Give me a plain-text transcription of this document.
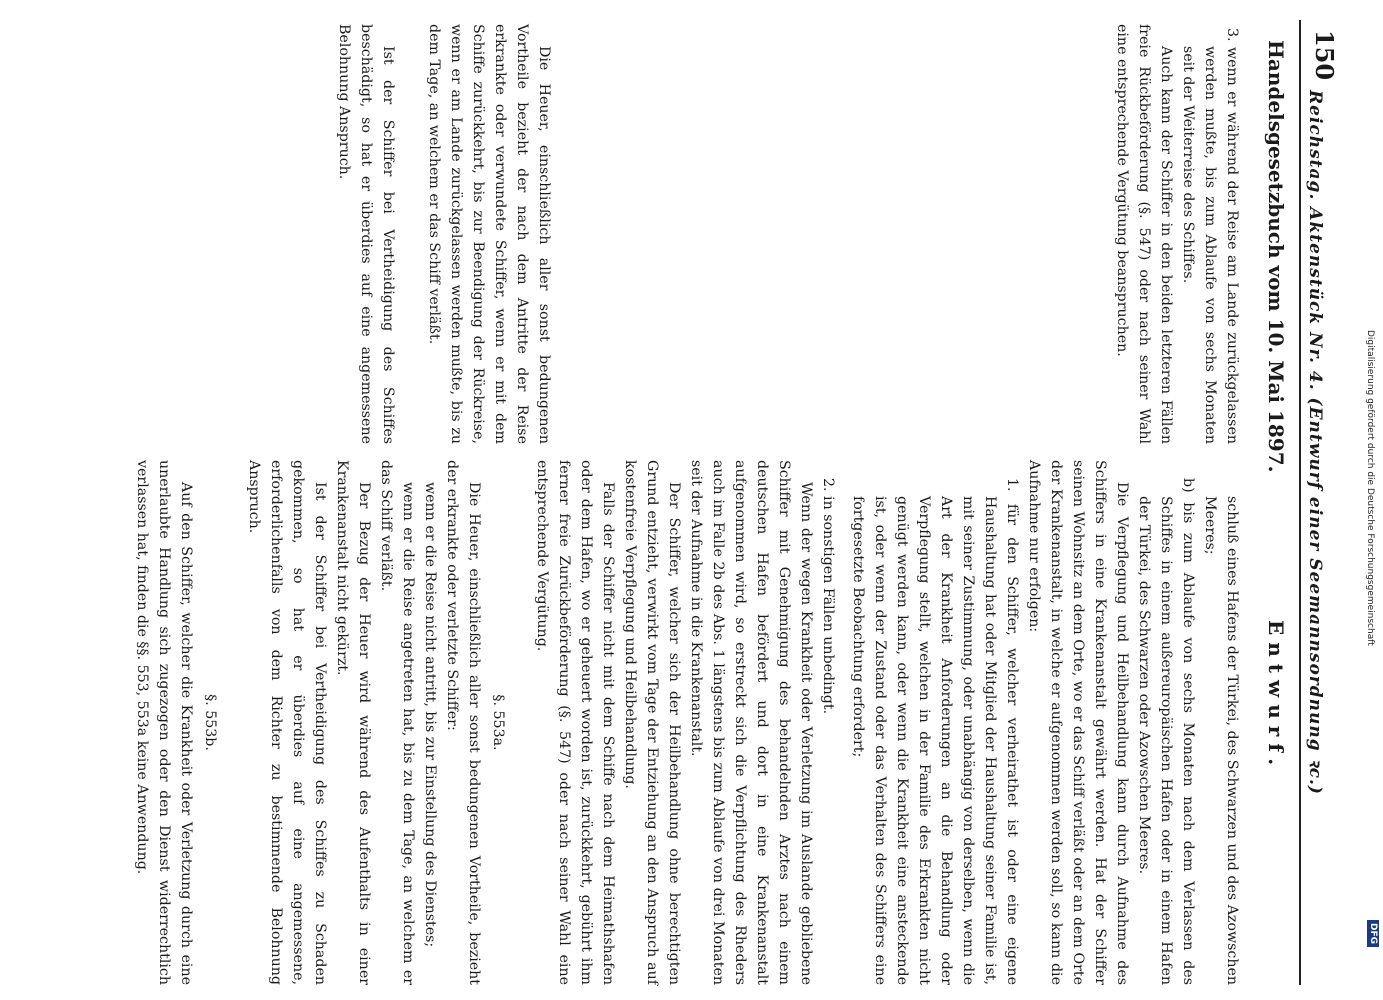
Digitalisierung gefördert durch die Deutsche Forschungsgemeinschaft
DFG
150
Reichstag. Aktenstück Nr. 4. (Entwurf einer Seemannsordnung ꝛc.)
Handelsgesetzbuch vom 10. Mai 1897.
Entwurf.

3. wenn er während der Reise am Lande zurückgelassen werden mußte, bis zum Ablaufe von sechs Monaten seit der Weiterreise des Schiffes.

Auch kann der Schiffer in den beiden letzteren Fällen freie Rückbeförderung (§. 547) oder nach seiner Wahl eine entsprechende Vergütung beanspruchen.

Die Heuer, einschließlich aller sonst bedungenen Vortheile bezieht der nach dem Antritte der Reise erkrankte oder verwundete Schiffer, wenn er mit dem Schiffe zurückkehrt, bis zur Beendigung der Rückreise, wenn er am Lande zurückgelassen werden mußte, bis zu dem Tage, an welchem er das Schiff verläßt.

Ist der Schiffer bei Vertheidigung des Schiffes beschädigt, so hat er überdies auf eine angemessene Belohnung Anspruch.

schluß eines Hafens der Türkei, des Schwarzen und des Azowschen Meeres;

b) bis zum Ablaufe von sechs Monaten nach dem Verlassen des Schiffes in einem außereuropäischen Hafen oder in einem Hafen der Türkei, des Schwarzen oder Azowschen Meeres.

Die Verpflegung und Heilbehandlung kann durch Aufnahme des Schiffers in eine Krankenanstalt gewährt werden. Hat der Schiffer seinen Wohnsitz an dem Orte, wo er das Schiff verläßt oder an dem Orte der Krankenanstalt, in welche er aufgenommen werden soll, so kann die Aufnahme nur erfolgen:

1. für den Schiffer, welcher verheirathet ist oder eine eigene Haushaltung hat oder Mitglied der Haushaltung seiner Familie ist, mit seiner Zustimmung, oder unabhängig von derselben, wenn die Art der Krankheit Anforderungen an die Behandlung oder Verpflegung stellt, welchen in der Familie des Erkrankten nicht genügt werden kann, oder wenn die Krankheit eine ansteckende ist, oder wenn der Zustand oder das Verhalten des Schiffers eine fortgesetzte Beobachtung erfordert;

2. in sonstigen Fällen unbedingt.

Wenn der wegen Krankheit oder Verletzung im Auslande gebliebene Schiffer mit Genehmigung des behandelnden Arztes nach einem deutschen Hafen befördert und dort in eine Krankenanstalt aufgenommen wird, so erstreckt sich die Verpflichtung des Rheders auch im Falle 2b des Abs. 1 längstens bis zum Ablaufe von drei Monaten seit der Aufnahme in die Krankenanstalt.

Der Schiffer, welcher sich der Heilbehandlung ohne berechtigten Grund entzieht, verwirkt vom Tage der Entziehung an den Anspruch auf kostenfreie Verpflegung und Heilbehandlung.

Falls der Schiffer nicht mit dem Schiffe nach dem Heimathshafen oder dem Hafen, wo er geheuert worden ist, zurückkehrt, gebührt ihm ferner freie Zurückbeförderung (§. 547) oder nach seiner Wahl eine entsprechende Vergütung.

§. 553a.

Die Heuer, einschließlich aller sonst bedungenen Vortheile, bezieht der erkrankte oder verletzte Schiffer:

wenn er die Reise nicht antritt, bis zur Einstellung des Dienstes;

wenn er die Reise angetreten hat, bis zu dem Tage, an welchem er das Schiff verläßt.

Der Bezug der Heuer wird während des Aufenthalts in einer Krankenanstalt nicht gekürzt.

Ist der Schiffer bei Vertheidigung des Schiffes zu Schaden gekommen, so hat er überdies auf eine angemessene, erforderlichenfalls von dem Richter zu bestimmende Belohnung Anspruch.

§. 553b.

Auf den Schiffer, welcher die Krankheit oder Verletzung durch eine unerlaubte Handlung sich zugezogen oder den Dienst widerrechtlich verlassen hat, finden die §§. 553, 553a keine Anwendung.
